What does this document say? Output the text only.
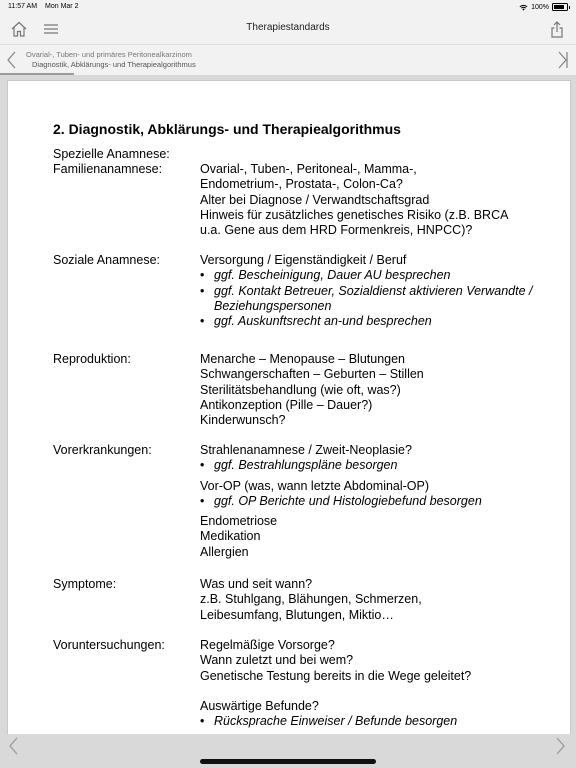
11:57 AM Mon Mar 2	100%
Therapiestandards
Ovarial-, Tuben- und primäres Peritonealkarzinom
Diagnostik, Abklärungs- und Therapiealgorithmus
2. Diagnostik, Abklärungs- und Therapiealgorithmus
Spezielle Anamnese:
Familienanamnese:	Ovarial-, Tuben-, Peritoneal-, Mamma-,
Endometrium-, Prostata-, Colon-Ca?
Alter bei Diagnose / Verwandtschaftsgrad
Hinweis für zusätzliches genetisches Risiko (z.B. BRCA
u.a. Gene aus dem HRD Formenkreis, HNPCC)?
Soziale Anamnese:	Versorgung / Eigenständigkeit / Beruf
• ggf. Bescheinigung, Dauer AU besprechen
• ggf. Kontakt Betreuer, Sozialdienst aktivieren Verwandte / Beziehungspersonen
• ggf. Auskunftsrecht an-und besprechen
Reproduktion:	Menarche – Menopause – Blutungen
Schwangerschaften – Geburten – Stillen
Sterilitätsbehandlung (wie oft, was?)
Antikonzeption (Pille – Dauer?)
Kinderwunsch?
Vorerkrankungen:	Strahlenanamnese / Zweit-Neoplasie?
• ggf. Bestrahlungspläne besorgen
Vor-OP (was, wann letzte Abdominal-OP)
• ggf. OP Berichte und Histologiebefund besorgen
Endometriose
Medikation
Allergien
Symptome:	Was und seit wann?
z.B. Stuhlgang, Blähungen, Schmerzen,
Leibesumfang, Blutungen, Miktio…
Voruntersuchungen:	Regelmäßige Vorsorge?
Wann zuletzt und bei wem?
Genetische Testung bereits in die Wege geleitet?
Auswärtige Befunde?
• Rücksprache Einweiser / Befunde besorgen
